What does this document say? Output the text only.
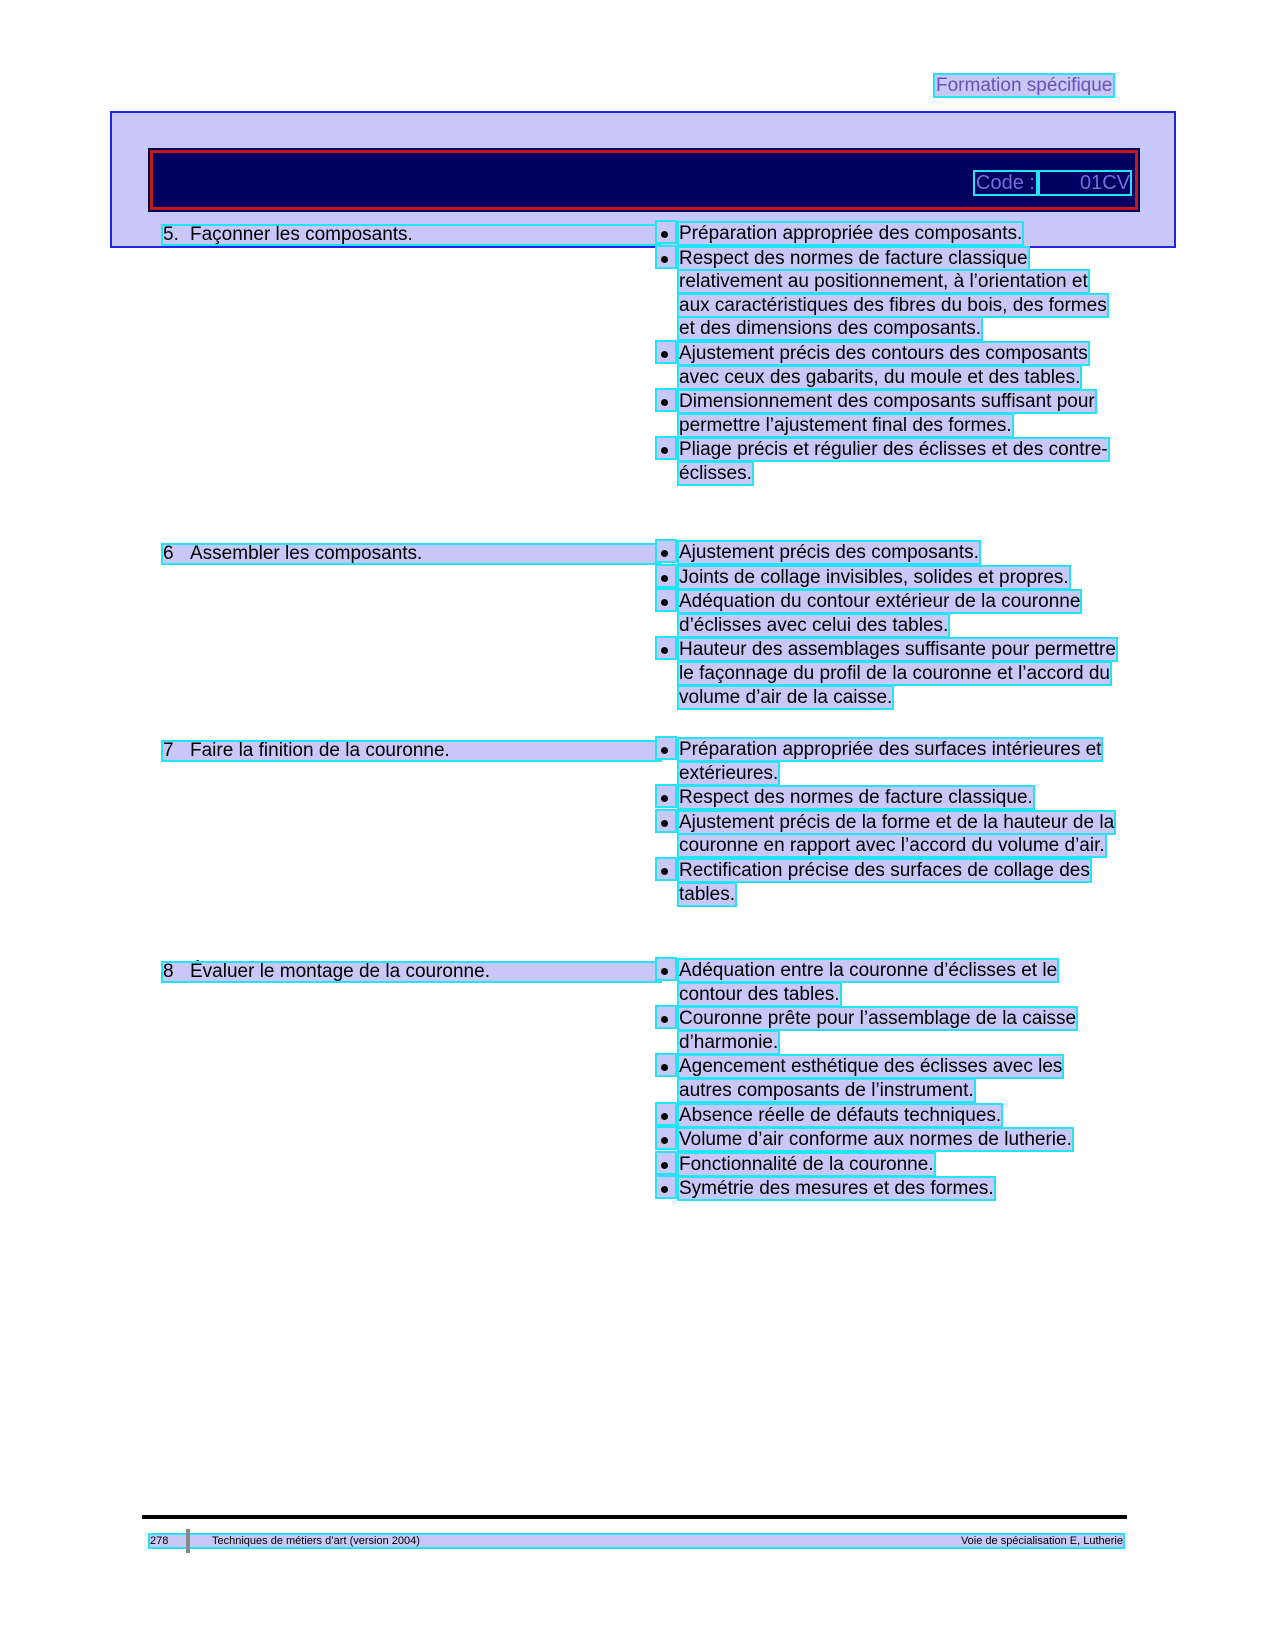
Formation spécifique
Code :	01CV
5. Façonner les composants.	Préparation appropriée des composants.
Respect des normes de facture classique relativement au positionnement, à l’orientation et aux caractéristiques des fibres du bois, des formes et des dimensions des composants.
Ajustement précis des contours des composants avec ceux des gabarits, du moule et des tables.
Dimensionnement des composants suffisant pour permettre l’ajustement final des formes.
Pliage précis et régulier des éclisses et des contre-éclisses.
6 Assembler les composants.	Ajustement précis des composants.
Joints de collage invisibles, solides et propres.
Adéquation du contour extérieur de la couronne d’éclisses avec celui des tables.
Hauteur des assemblages suffisante pour permettre le façonnage du profil de la couronne et l’accord du volume d’air de la caisse.
7 Faire la finition de la couronne.	Préparation appropriée des surfaces intérieures et extérieures.
Respect des normes de facture classique.
Ajustement précis de la forme et de la hauteur de la couronne en rapport avec l’accord du volume d’air.
Rectification précise des surfaces de collage des tables.
8 Évaluer le montage de la couronne.	Adéquation entre la couronne d’éclisses et le contour des tables.
Couronne prête pour l’assemblage de la caisse d’harmonie.
Agencement esthétique des éclisses avec les autres composants de l’instrument.
Absence réelle de défauts techniques.
Volume d’air conforme aux normes de lutherie.
Fonctionnalité de la couronne.
Symétrie des mesures et des formes.
278	Techniques de métiers d’art (version 2004)	Voie de spécialisation E, Lutherie
